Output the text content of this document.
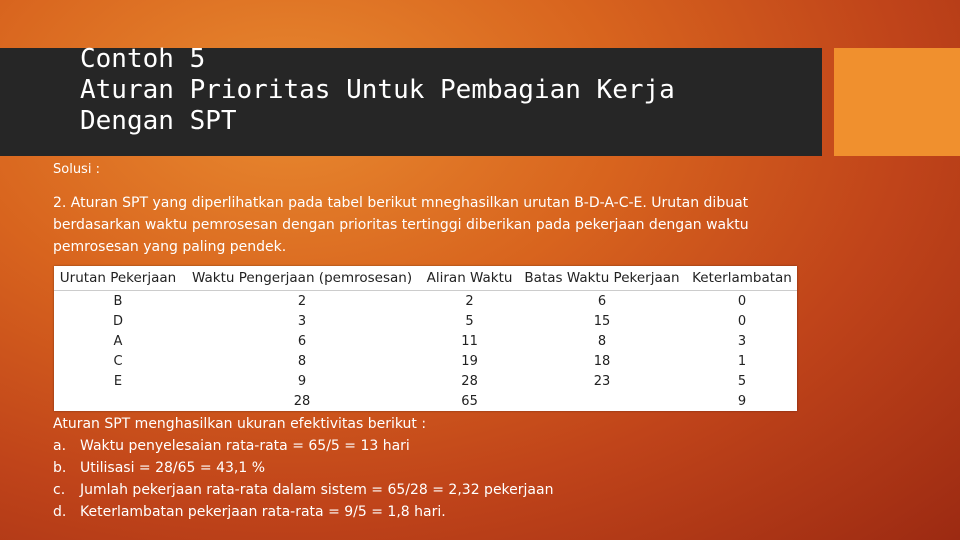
Contoh 5
Aturan Prioritas Untuk Pembagian Kerja
Dengan SPT
Solusi :
2. Aturan SPT yang diperlihatkan pada tabel berikut mneghasilkan urutan B-D-A-C-E. Urutan dibuat berdasarkan waktu pemrosesan dengan prioritas tertinggi diberikan pada pekerjaan dengan waktu pemrosesan yang paling pendek.
Urutan Pekerjaan	Waktu Pengerjaan (pemrosesan)	Aliran Waktu	Batas Waktu Pekerjaan	Keterlambatan
B	2	2	6	0
D	3	5	15	0
A	6	11	8	3
C	8	19	18	1
E	9	28	23	5
	28	65		9
Aturan SPT menghasilkan ukuran efektivitas berikut :
a. Waktu penyelesaian rata-rata = 65/5 = 13 hari
b. Utilisasi = 28/65 = 43,1 %
c.	Jumlah pekerjaan rata-rata dalam sistem = 65/28 = 2,32 pekerjaan
d. Keterlambatan pekerjaan rata-rata = 9/5 = 1,8 hari.
